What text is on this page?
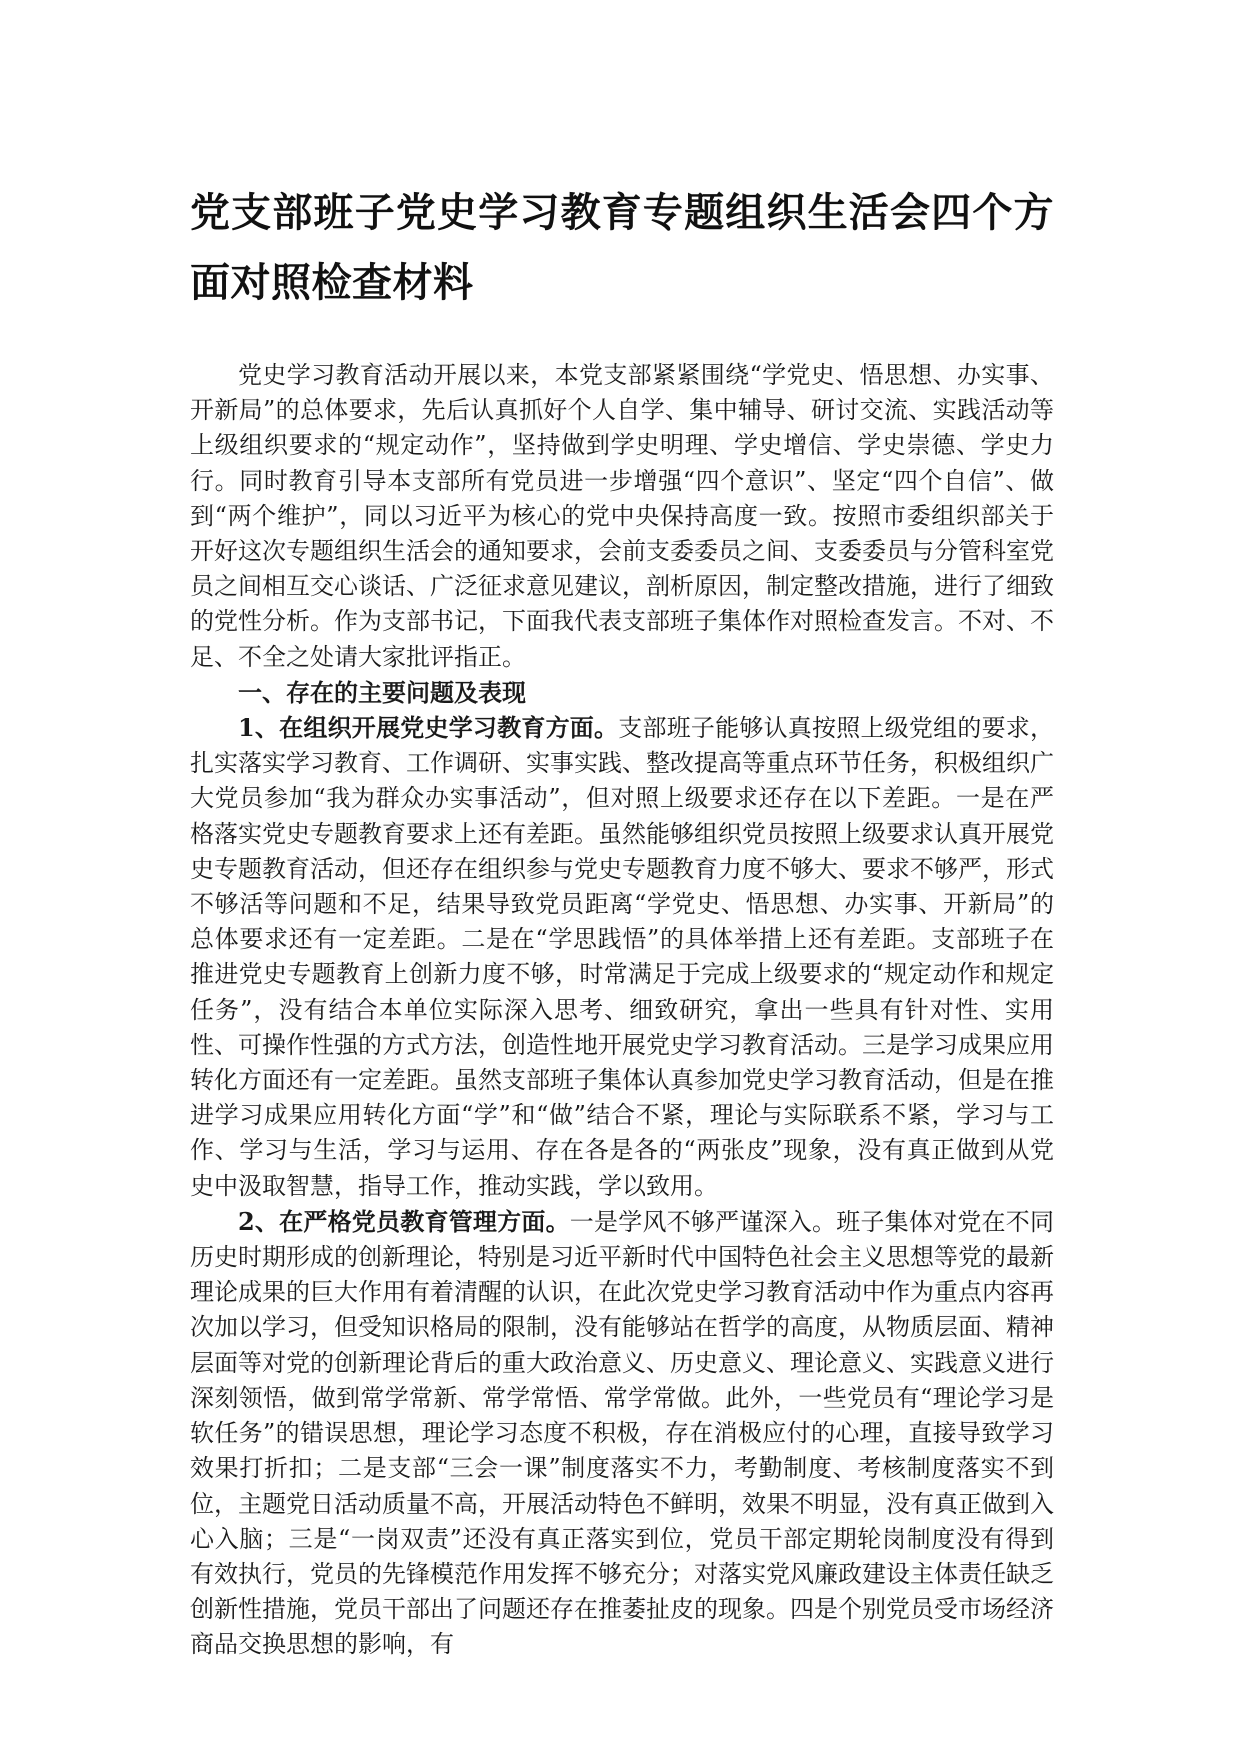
党支部班子党史学习教育专题组织生活会四个方面对照检查材料

党史学习教育活动开展以来，本党支部紧紧围绕“学党史、悟思想、办实事、开新局”的总体要求，先后认真抓好个人自学、集中辅导、研讨交流、实践活动等上级组织要求的“规定动作”，坚持做到学史明理、学史增信、学史崇德、学史力行。同时教育引导本支部所有党员进一步增强“四个意识”、坚定“四个自信”、做到“两个维护”，同以习近平为核心的党中央保持高度一致。按照市委组织部关于开好这次专题组织生活会的通知要求，会前支委委员之间、支委委员与分管科室党员之间相互交心谈话、广泛征求意见建议，剖析原因，制定整改措施，进行了细致的党性分析。作为支部书记，下面我代表支部班子集体作对照检查发言。不对、不足、不全之处请大家批评指正。

一、存在的主要问题及表现

1、在组织开展党史学习教育方面。支部班子能够认真按照上级党组的要求，扎实落实学习教育、工作调研、实事实践、整改提高等重点环节任务，积极组织广大党员参加“我为群众办实事活动”，但对照上级要求还存在以下差距。一是在严格落实党史专题教育要求上还有差距。虽然能够组织党员按照上级要求认真开展党史专题教育活动，但还存在组织参与党史专题教育力度不够大、要求不够严，形式不够活等问题和不足，结果导致党员距离“学党史、悟思想、办实事、开新局”的总体要求还有一定差距。二是在“学思践悟”的具体举措上还有差距。支部班子在推进党史专题教育上创新力度不够，时常满足于完成上级要求的“规定动作和规定任务”，没有结合本单位实际深入思考、细致研究，拿出一些具有针对性、实用性、可操作性强的方式方法，创造性地开展党史学习教育活动。三是学习成果应用转化方面还有一定差距。虽然支部班子集体认真参加党史学习教育活动，但是在推进学习成果应用转化方面“学”和“做”结合不紧，理论与实际联系不紧，学习与工作、学习与生活，学习与运用、存在各是各的“两张皮”现象，没有真正做到从党史中汲取智慧，指导工作，推动实践，学以致用。

2、在严格党员教育管理方面。一是学风不够严谨深入。班子集体对党在不同历史时期形成的创新理论，特别是习近平新时代中国特色社会主义思想等党的最新理论成果的巨大作用有着清醒的认识，在此次党史学习教育活动中作为重点内容再次加以学习，但受知识格局的限制，没有能够站在哲学的高度，从物质层面、精神层面等对党的创新理论背后的重大政治意义、历史意义、理论意义、实践意义进行深刻领悟，做到常学常新、常学常悟、常学常做。此外，一些党员有“理论学习是软任务”的错误思想，理论学习态度不积极，存在消极应付的心理，直接导致学习效果打折扣；二是支部“三会一课”制度落实不力，考勤制度、考核制度落实不到位，主题党日活动质量不高，开展活动特色不鲜明，效果不明显，没有真正做到入心入脑；三是“一岗双责”还没有真正落实到位，党员干部定期轮岗制度没有得到有效执行，党员的先锋模范作用发挥不够充分；对落实党风廉政建设主体责任缺乏创新性措施，党员干部出了问题还存在推萎扯皮的现象。四是个别党员受市场经济商品交换思想的影响，有
